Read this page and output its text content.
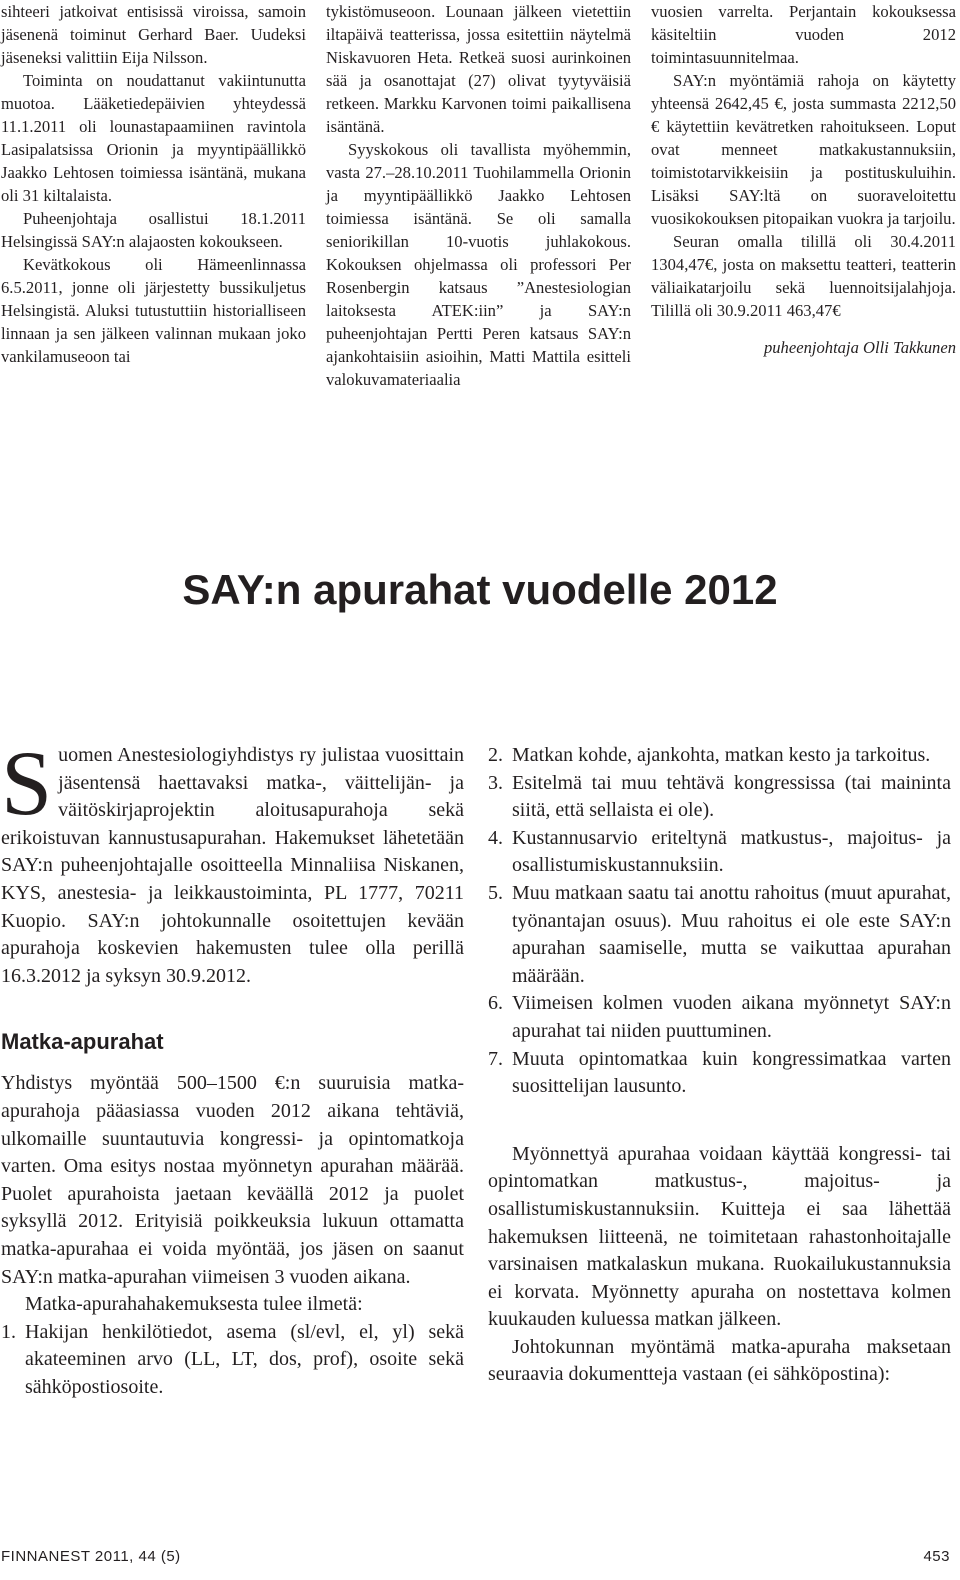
sihteeri jatkoivat entisissä viroissa, samoin jäsenenä toiminut Gerhard Baer. Uudeksi jäseneksi valittiin Eija Nilsson.

Toiminta on noudattanut vakiintunutta muotoa. Lääketiedepäivien yhteydessä 11.1.2011 oli lounastapaamiinen ravintola Lasipalatsissa Orionin ja myyntipäällikkö Jaakko Lehtosen toimiessa isäntänä, mukana oli 31 kiltalaista.

Puheenjohtaja osallistui 18.1.2011 Helsingissä SAY:n alajaosten kokoukseen.

Kevätkokous oli Hämeenlinnassa 6.5.2011, jonne oli järjestetty bussikuljetus Helsingistä. Aluksi tutustuttiin historialliseen linnaan ja sen jälkeen valinnan mukaan joko vankilamuseoon tai

tykistömuseoon. Lounaan jälkeen vietettiin iltapäivä teatterissa, jossa esitettiin näytelmä Niskavuoren Heta. Retkeä suosi aurinkoinen sää ja osanottajat (27) olivat tyytyväisiä retkeen. Markku Karvonen toimi paikallisena isäntänä.

Syyskokous oli tavallista myöhemmin, vasta 27.–28.10.2011 Tuohilammella Orionin ja myyntipäällikkö Jaakko Lehtosen toimiessa isäntänä. Se oli samalla seniorikillan 10-vuotis juhlakokous. Kokouksen ohjelmassa oli professori Per Rosenbergin katsaus ”Anestesiologian laitoksesta ATEK:iin” ja SAY:n puheenjohtajan Pertti Peren katsaus SAY:n ajankohtaisiin asioihin, Matti Mattila esitteli valokuvamateriaalia

vuosien varrelta. Perjantain kokouksessa käsiteltiin vuoden 2012 toimintasuunnitelmaa.

SAY:n myöntämiä rahoja on käytetty yhteensä 2642,45 €, josta summasta 2212,50 € käytettiin kevätretken rahoitukseen. Loput ovat menneet matkakustannuksiin, toimistotarvikkeisiin ja postituskuluihin. Lisäksi SAY:ltä on suoraveloitettu vuosikokouksen pitopaikan vuokra ja tarjoilu.

Seuran omalla tilillä oli 30.4.2011 1304,47€, josta on maksettu teatteri, teatterin väliaikatarjoilu sekä luennoitsijalahjoja. Tilillä oli 30.9.2011 463,47€

puheenjohtaja Olli Takkunen

SAY:n apurahat vuodelle 2012

Suomen Anestesiologiyhdistys ry julistaa vuosittain jäsentensä haettavaksi matka-, väittelijän- ja väitöskirjaprojektin aloitusapurahoja sekä erikoistuvan kannustusapurahan. Hakemukset lähetetään SAY:n puheenjohtajalle osoitteella Minnaliisa Niskanen, KYS, anestesia- ja leikkaustoiminta, PL 1777, 70211 Kuopio. SAY:n johtokunnalle osoitettujen kevään apurahoja koskevien hakemusten tulee olla perillä 16.3.2012 ja syksyn 30.9.2012.

Matka-apurahat

Yhdistys myöntää 500–1500 €:n suuruisia matka-apurahoja pääasiassa vuoden 2012 aikana tehtäviä, ulkomaille suuntautuvia kongressi- ja opintomatkoja varten. Oma esitys nostaa myönnetyn apurahan määrää. Puolet apurahoista jaetaan keväällä 2012 ja puolet syksyllä 2012. Erityisiä poikkeuksia lukuun ottamatta matka-apurahaa ei voida myöntää, jos jäsen on saanut SAY:n matka-apurahan viimeisen 3 vuoden aikana.

Matka-apurahahakemuksesta tulee ilmetä:

1. Hakijan henkilötiedot, asema (sl/evl, el, yl) sekä akateeminen arvo (LL, LT, dos, prof), osoite sekä sähköpostiosoite.
2. Matkan kohde, ajankohta, matkan kesto ja tarkoitus.
3. Esitelmä tai muu tehtävä kongressissa (tai maininta siitä, että sellaista ei ole).
4. Kustannusarvio eriteltynä matkustus-, majoitus- ja osallistumiskustannuksiin.
5. Muu matkaan saatu tai anottu rahoitus (muut apurahat, työnantajan osuus). Muu rahoitus ei ole este SAY:n apurahan saamiselle, mutta se vaikuttaa apurahan määrään.
6. Viimeisen kolmen vuoden aikana myönnetyt SAY:n apurahat tai niiden puuttuminen.
7. Muuta opintomatkaa kuin kongressimatkaa varten suosittelijan lausunto.

Myönnettyä apurahaa voidaan käyttää kongressi- tai opintomatkan matkustus-, majoitus- ja osallistumiskustannuksiin. Kuitteja ei saa lähettää hakemuksen liitteenä, ne toimitetaan rahastonhoitajalle varsinaisen matkalaskun mukana. Ruokailukustannuksia ei korvata. Myönnetty apuraha on nostettava kolmen kuukauden kuluessa matkan jälkeen.

Johtokunnan myöntämä matka-apuraha maksetaan seuraavia dokumentteja vastaan (ei sähköpostina):

FINNANEST 2011, 44 (5)	453
